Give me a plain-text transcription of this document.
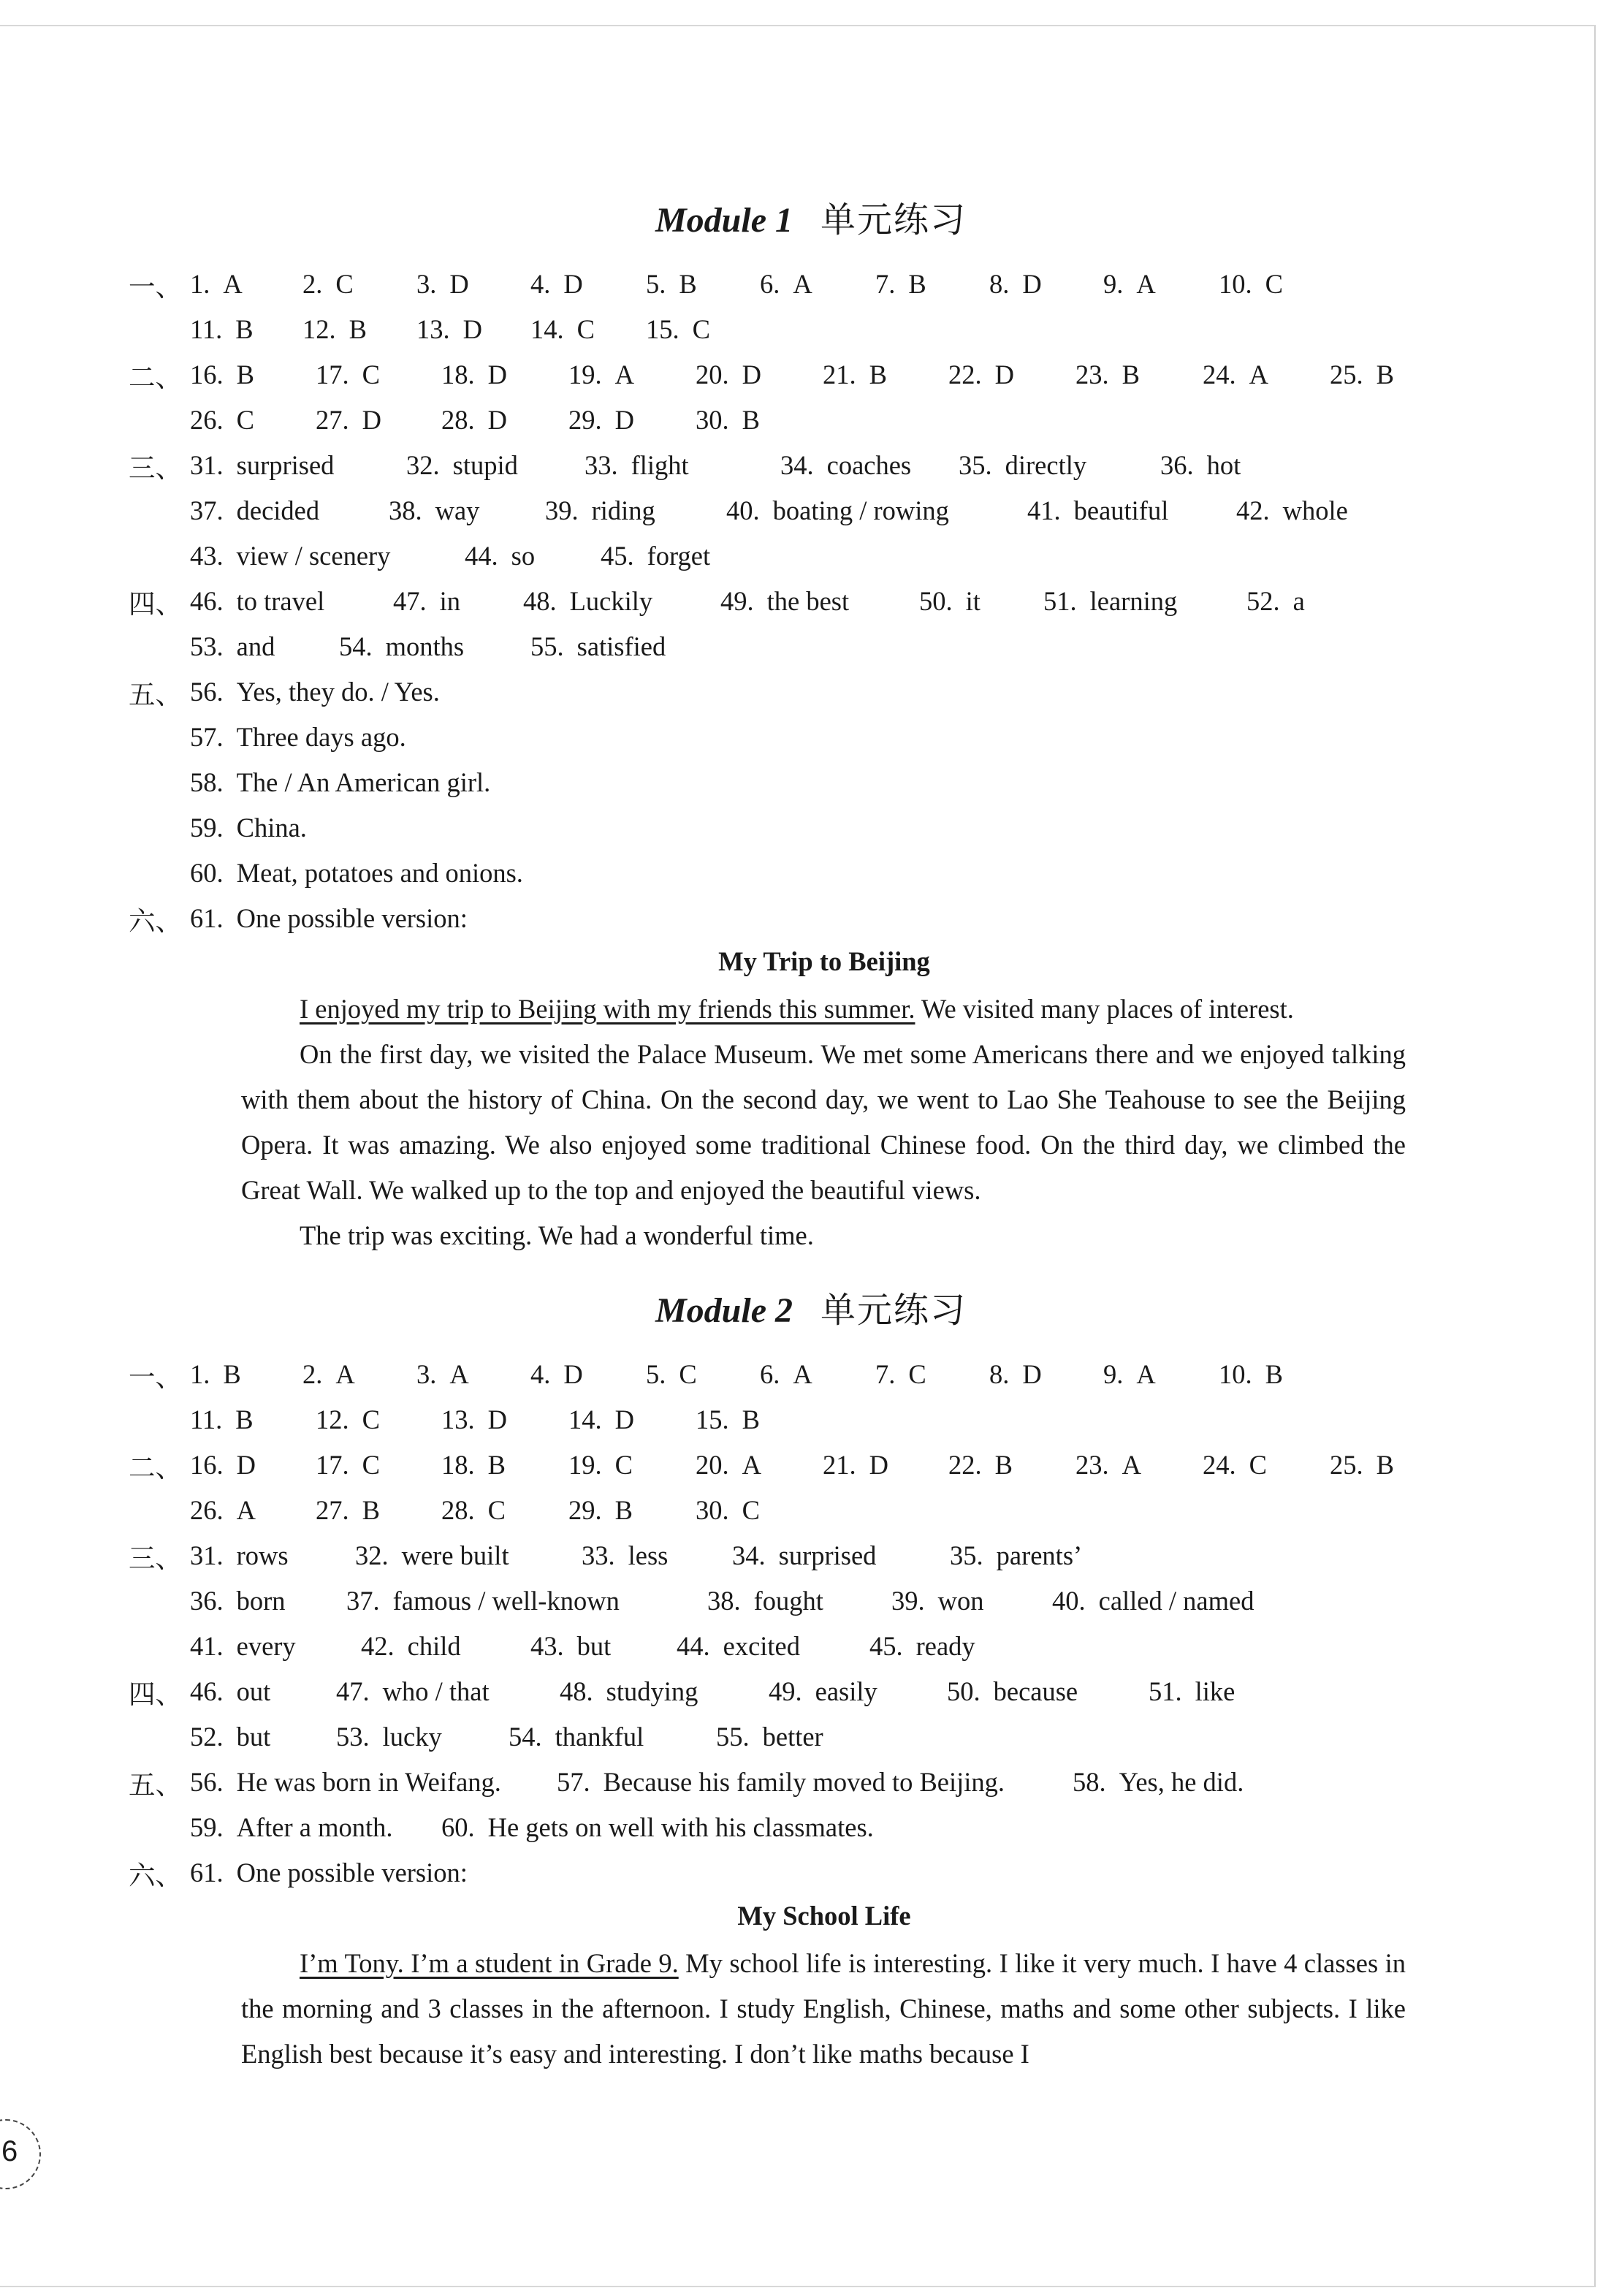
Module 1 单元练习
一、 1. A 2. C 3. D 4. D 5. B 6. A 7. B 8. D 9. A 10. C
11. B 12. B 13. D 14. C 15. C
二、 16. B 17. C 18. D 19. A 20. D 21. B 22. D 23. B 24. A 25. B
26. C 27. D 28. D 29. D 30. B
三、 31. surprised	32. stupid 33. flight	34. coaches 35. directly	36. hot
37. decided	38. way 39. riding	40. boating / rowing	41. beautiful	42. whole
43. view / scenery	44. so 45. forget
四、 46. to travel	47. in 48. Luckily	49. the best	50. it 51. learning	52. a
53. and 54. months 55. satisfied
五、 56. Yes, they do. / Yes.
57. Three days ago.
58. The / An American girl.
59. China.
60. Meat, potatoes and onions.
六、 61. One possible version:
My Trip to Beijing
I enjoyed my trip to Beijing with my friends this summer. We visited many places of interest.
On the first day, we visited the Palace Museum. We met some Americans there and we enjoyed talking with them about the history of China. On the second day, we went to Lao She Teahouse to see the Beijing Opera. It was amazing. We also enjoyed some traditional Chinese food. On the third day, we climbed the Great Wall. We walked up to the top and enjoyed the beautiful views.
The trip was exciting. We had a wonderful time.
Module 2 单元练习
一、 1. B 2. A 3. A 4. D 5. C 6. A 7. C 8. D 9. A 10. B
11. B 12. C 13. D 14. D 15. B
二、 16. D 17. C 18. B 19. C 20. A 21. D 22. B 23. A 24. C 25. B
26. A 27. B 28. C 29. B 30. C
三、 31. rows	32. were built	33. less 34. surprised	35. parents’
36. born 37. famous / well-known	38. fought	39. won	40. called / named
41. every 42. child	43. but 44. excited	45. ready
四、 46. out 47. who / that	48. studying	49. easily	50. because	51. like
52. but 53. lucky	54. thankful	55. better
五、 56. He was born in Weifang. 57. Because his family moved to Beijing.	58. Yes, he did.
59. After a month. 60. He gets on well with his classmates.
六、 61. One possible version:
My School Life
I’m Tony. I’m a student in Grade 9. My school life is interesting. I like it very much. I have 4 classes in the morning and 3 classes in the afternoon. I study English, Chinese, maths and some other subjects. I like English best because it’s easy and interesting. I don’t like maths because I
6
